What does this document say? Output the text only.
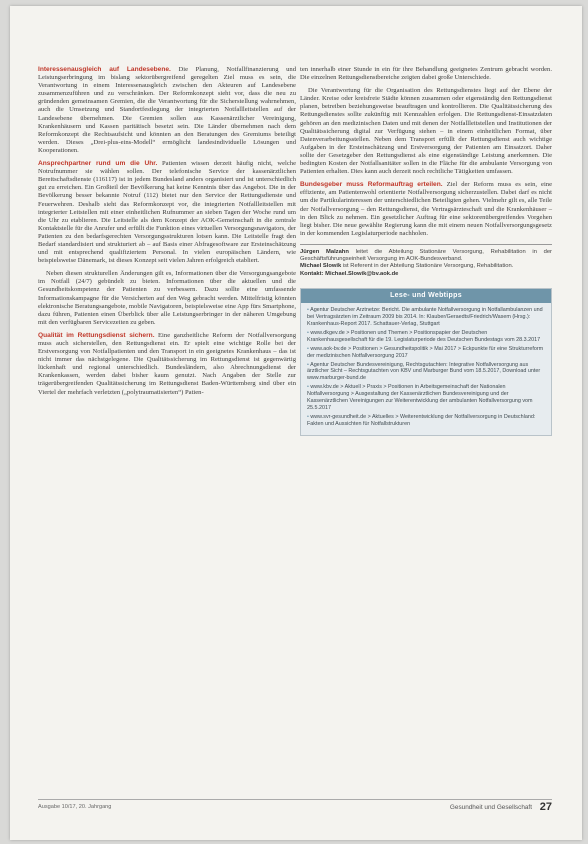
Interessenausgleich auf Landesebene. Die Planung, Notfallfinanzierung und Leistungserbringung im bislang sektorübergreifend geregelten Ziel muss es sein, die Verantwortung in einem Interessenausgleich zwischen den Akteuren auf Landesebene zusammenzuführen und zu verschränken. Der Reformkonzept sieht vor, dass die neu zu gründenden gemeinsamen Gremien, die die Verantwortung für die Sicherstellung wahrnehmen, auch die Umsetzung und Standortfestlegung der integrierten Notfallleitstellen auf der Landesebene übernehmen. Die Gremien sollen aus Kassenärztlicher Vereinigung, Krankenhäusern und Kassen paritätisch besetzt sein. Die Länder übernehmen nach dem Reformkonzept die Rechtsaufsicht und könnten an den Beratungen des Gremiums beteiligt werden. Dieses „Drei-plus-eins-Modell“ ermöglicht landesindividuelle Lösungen und Kooperationen.

Ansprechpartner rund um die Uhr. Patienten wissen derzeit häufig nicht, welche Notrufnummer sie wählen sollen. Der telefonische Service der kassenärztlichen Bereitschaftsdienste (116117) ist in jedem Bundesland anders organisiert und ist unterschiedlich gut zu erreichen. Ein Großteil der Bevölkerung hat keine Kenntnis über das Angebot. Die in der Bevölkerung besser bekannte Notruf (112) bietet nur den Service der Rettungsdienste und Feuerwehren. Deshalb sieht das Reformkonzept vor, die integrierten Notfallleitstellen mit integrierter Leitstellen mit einer einheitlichen Rufnummer an sieben Tagen der Woche rund um die Uhr zu etablieren. Die Leitstelle als dem Konzept der AOK-Gemeinschaft in die zentrale Kontaktstelle für die Anrufer und erfüllt die Funktion eines virtuellen Versorgungsnavigators, der Patienten zu den bedarfsgerechten Versorgungsstrukturen lotsen kann. Die Leitstelle fragt den Bedarf standardisiert und strukturiert ab – auf Basis einer Abfragesoftware zur Ersteinschätzung und mit entsprechend qualifiziertem Personal. In vielen europäischen Ländern, wie beispielsweise Dänemark, ist dieses Konzept seit vielen Jahren erfolgreich etabliert.

Neben diesen strukturellen Änderungen gilt es, Informationen über die Versorgungsangebote im Notfall (24/7) gebündelt zu bieten. Informationen über die aktuellen und die Gesundheitskompetenz der Patienten zu verbessern. Dazu sollte eine umfassende Informationskampagne für die Versicherten auf den Weg gebracht werden. Mittelfristig könnten elektronische Beratungsangebote, mobile Navigatoren, beispielsweise eine App fürs Smartphone, dazu führen, Patienten einen Überblick über alle Leistungserbringer in der näheren Umgebung mit den verfügbaren Servicezeiten zu geben.

Qualität im Rettungsdienst sichern. Eine ganzheitliche Reform der Notfallversorgung muss auch sicherstellen, den Rettungsdienst ein. Er spielt eine wichtige Rolle bei der Erstversorgung von Notfallpatienten und den Transport in ein geeignetes Krankenhaus – das ist nicht immer das nächstgelegene. Die Qualitätssicherung im Rettungsdienst ist gegenwärtig lückenhaft und regional unterschiedlich. Bundesländern, also Abrechnungsdienst der Krankenkassen, werden dabei bisher kaum genutzt. Nach Angaben der Stelle zur trägerübergreifenden Qualitätssicherung im Rettungsdienst Baden-Württemberg sind über ein Viertel der mehrfach verletzten („polytraumatisierten“) Patien-

ten innerhalb einer Stunde in ein für ihre Behandlung geeignetes Zentrum gebracht worden. Die einzelnen Rettungsdienstbereiche zeigten dabei große Unterschiede.

Die Verantwortung für die Organisation des Rettungsdienstes liegt auf der Ebene der Länder. Kreise oder kreisfreie Städte können zusammen oder eigenständig den Rettungsdienst planen, betreiben beziehungsweise beauftragen und kontrollieren. Die Qualitätssicherung des Rettungsdienstes sollte zukünftig mit Kennzahlen erfolgen. Die Rettungsdienst-Einsatzdaten gehören an den medizinischen Daten und mit denen der Notfallleitstellen und Institutionen der Qualitätssicherung digital zur Verfügung stehen – in einem einheitlichen Format, über Datenverarbeitungsstellen. Neben dem Transport erfüllt der Rettungsdienst auch wichtige Aufgaben in der Ersteinschätzung und Erstversorgung der Patienten am Einsatzort. Daher sollte der Gesetzgeber den Rettungsdienst als eine eigenständige Leistung anerkennen. Die bedingten Kosten der Notfallsanitäter sollen in die Fläche für die ambulante Versorgung von Patienten erhalten. Dies kann auch derzeit noch rechtliche Tätigkeiten umfassen.

Bundesgeber muss Reformauftrag erteilen. Ziel der Reform muss es sein, eine effiziente, am Patientenwohl orientierte Notfallversorgung sicherzustellen. Dabei darf es nicht um die Partikularinteressen der unterschiedlichen Beteiligten gehen. Vielmehr gilt es, alle Teile der Notfallversorgung – den Rettungsdienst, die Vertragsärzteschaft und die Krankenhäuser – in den Blick zu nehmen. Ein gesetzlicher Auftrag für eine sektorenübergreifendes Vorgehen liegt bisher. Die neue gewählte Regierung kann die mit einem neuen Notfallversorgungsgesetz in der kommenden Legislaturperiode nachholen.

Jürgen Malzahn leitet die Abteilung Stationäre Versorgung, Rehabilitation in der Geschäftsführungseinheit Versorgung im AOK-Bundesverband.
Michael Slowik ist Referent in der Abteilung Stationäre Versorgung, Rehabilitation.
Kontakt: Michael.Slowik@bv.aok.de
Lese- und Webtipps
• Agentur Deutscher Arztnetze: Bericht. Die ambulante Notfallversorgung in Notfallambulanzen und bei Vertragsärzten im Zeitraum 2009 bis 2014. In: Klauber/Geraedts/Friedrich/Wasem (Hrsg.): Krankenhaus-Report 2017. Schattauer-Verlag, Stuttgart
• www.dkgev.de > Positionen und Themen > Positionspapier der Deutschen Krankenhausgesellschaft für die 19. Legislaturperiode des Deutschen Bundestags vom 28.3.2017
• www.aok-bv.de > Positionen > Gesundheitspolitik > Mai 2017 > Eckpunkte für eine Strukturreform der medizinischen Notfallversorgung 2017
• Agentur Deutscher Bundesvereinigung, Rechtsgutachten: Integrative Notfallversorgung aus ärztlicher Sicht – Rechtsgutachten von KBV und Marburger Bund vom 18.5.2017, Download unter www.marburger-bund.de
• www.kbv.de > Aktuell > Praxis > Positionen in Arbeitsgemeinschaft der Nationalen Notfallversorgung > Ausgestaltung der Kassenärztlichen Bundesvereinigung und der Kassenärztlichen Vereinigungen zur Weiterentwicklung der ambulanten Notfallversorgung vom 25.5.2017
• www.svr-gesundheit.de > Aktuelles > Weiterentwicklung der Notfallversorgung in Deutschland: Fakten und Aussichten für Notfallstrukturen
Ausgabe 10/17, 20. Jahrgang	Gesundheit und Gesellschaft 27
